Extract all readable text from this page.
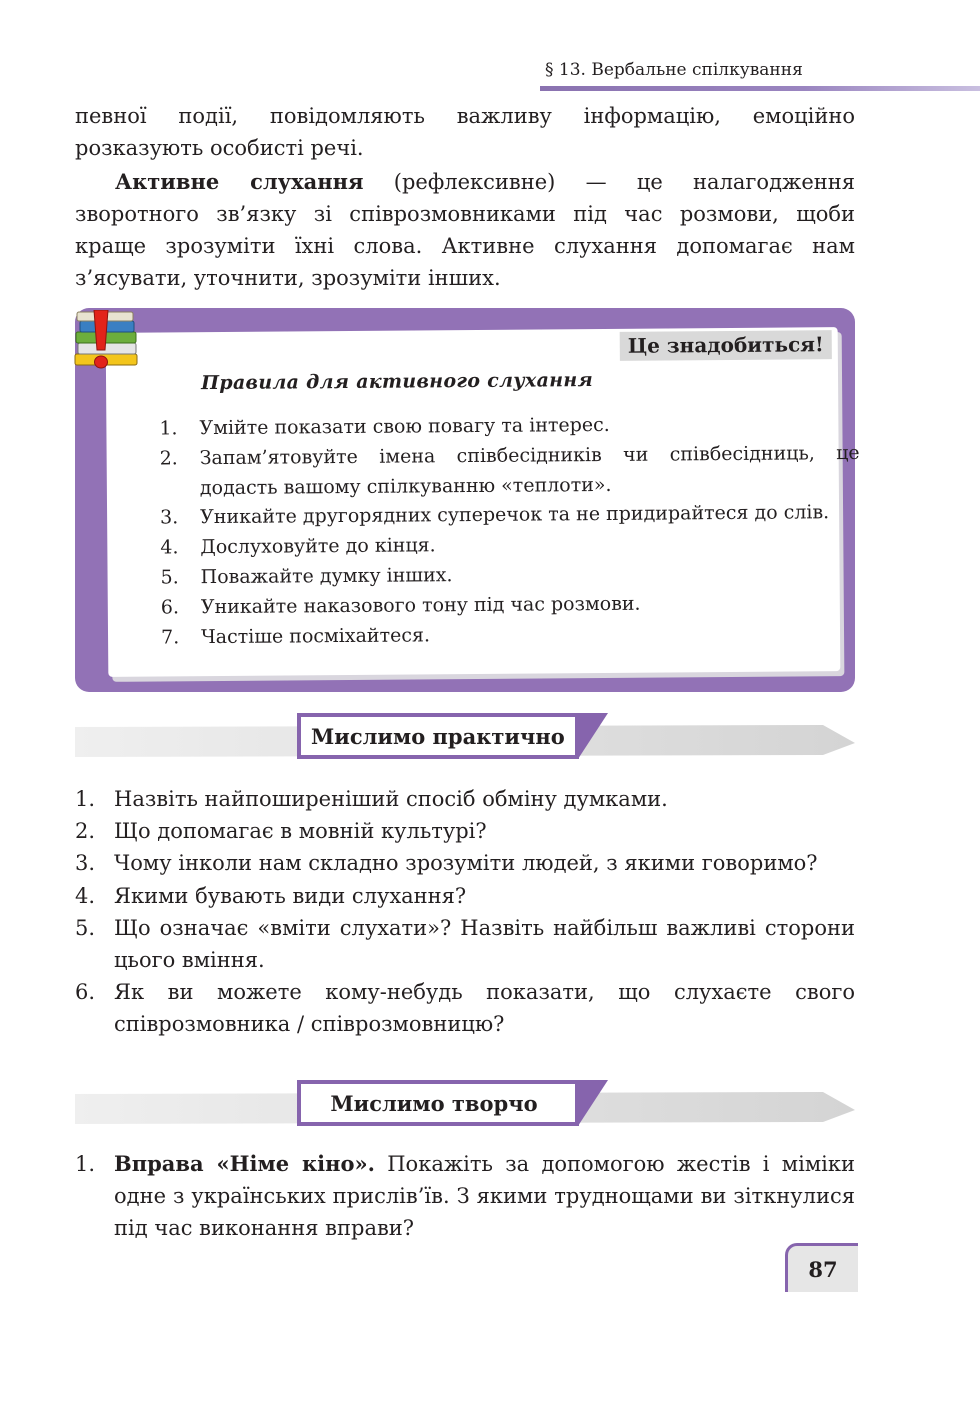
§ 13. Вербальне спілкування

певної події, повідомляють важливу інформацію, емоційно розказують особисті речі.

Активне слухання (рефлексивне) — це налагодження зворотного зв’язку зі співрозмовниками під час розмови, щоби краще зрозуміти їхні слова. Активне слухання допомагає нам з’ясувати, уточнити, зрозуміти інших.

Це знадобиться!
Правила для активного слухання
1. Умійте показати свою повагу та інтерес.
2. Запам’ятовуйте імена співбесідників чи співбесідниць, це додасть вашому спілкуванню «теплоти».
3. Уникайте другорядних суперечок та не придирайтеся до слів.
4. Дослуховуйте до кінця.
5. Поважайте думку інших.
6. Уникайте наказового тону під час розмови.
7. Частіше посміхайтеся.
Мислимо практично
1. Назвіть найпоширеніший спосіб обміну думками.
2. Що допомагає в мовній культурі?
3. Чому інколи нам складно зрозуміти людей, з якими говоримо?
4. Якими бувають види слухання?
5. Що означає «вміти слухати»? Назвіть найбільш важливі сторони цього вміння.
6. Як ви можете кому-небудь показати, що слухаєте свого співрозмовника / співрозмовницю?
Мислимо творчо
1. Вправа «Німе кіно». Покажіть за допомогою жестів і міміки одне з українських прислів’їв. З якими труднощами ви зіткнулися під час виконання вправи?
87
